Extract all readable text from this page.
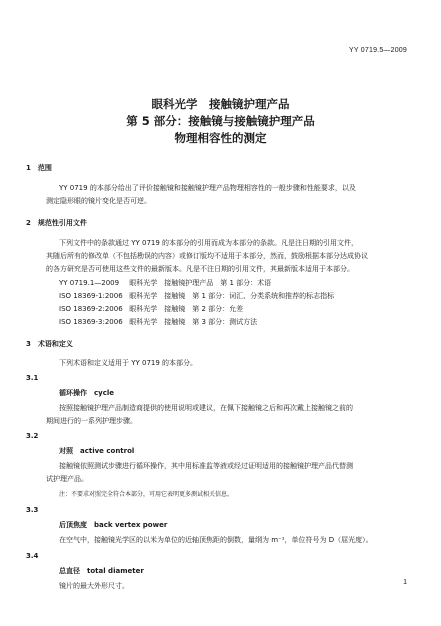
YY 0719.5—2009
眼科光学　接触镜护理产品
第 5 部分：接触镜与接触镜护理产品
物理相容性的测定
1　范围
YY 0719 的本部分给出了评价接触镜和接触镜护理产品物理相容性的一般步骤和性能要求，以及
测定隐形眼的镜片变化是否可逆。
2　规范性引用文件
下列文件中的条款通过 YY 0719 的本部分的引用而成为本部分的条款。凡是注日期的引用文件，
其随后所有的修改单（不包括勘误的内容）或修订版均不适用于本部分，然而，鼓励根据本部分达成协议
的各方研究是否可使用这些文件的最新版本。凡是不注日期的引用文件，其最新版本适用于本部分。
YY 0719.1—2009 眼科光学　接触镜护理产品　第 1 部分：术语
ISO 18369-1:2006 眼科光学　接触镜　第 1 部分：词汇、分类系统和推荐的标志指标
ISO 18369-2:2006 眼科光学　接触镜　第 2 部分：允差
ISO 18369-3:2006 眼科光学　接触镜　第 3 部分：测试方法
3　术语和定义
下列术语和定义适用于 YY 0719 的本部分。
3.1
循环操作　cycle
按照接触镜护理产品制造商提供的使用说明或建议，在佩下接触镜之后和再次戴上接触镜之前的
期间进行的一系列护理步骤。
3.2
对照　active control
接触镜依照测试步骤进行循环操作，其中用标准监等液或经过证明适用的接触镜护理产品代替测
试护理产品。
注：不要求对照完全符合本部分，可用它表明更多测试相关信息。
3.3
后顶焦度　back vertex power
在空气中，接触镜光学区的以米为单位的近轴顶焦距的倒数，量纲为 m⁻¹，单位符号为 D（屈光度）。
3.4
总直径　total diameter
镜片的最大外形尺寸。	1
